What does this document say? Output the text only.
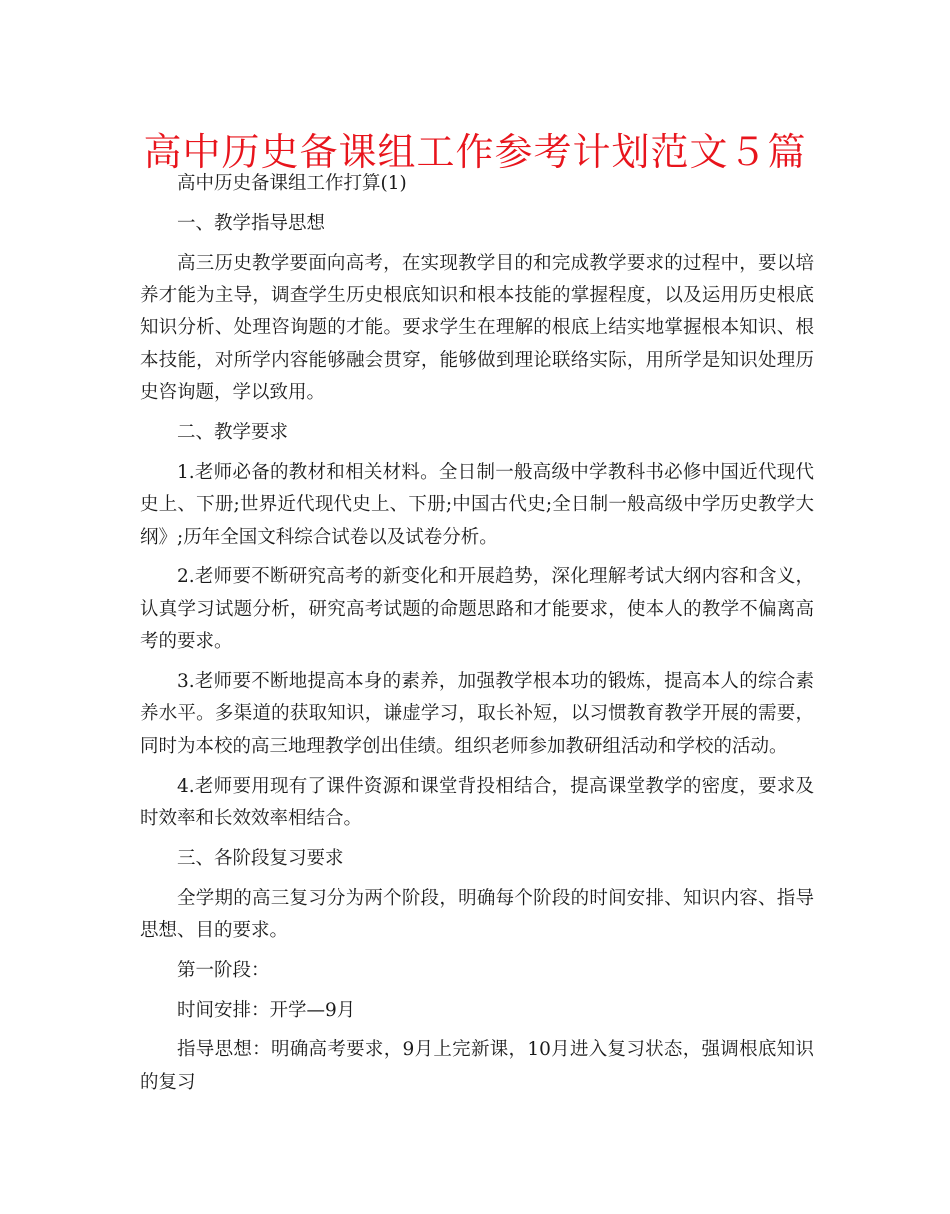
高中历史备课组工作参考计划范文５篇

高中历史备课组工作打算(1)

一、教学指导思想

高三历史教学要面向高考，在实现教学目的和完成教学要求的过程中，要以培养才能为主导，调查学生历史根底知识和根本技能的掌握程度，以及运用历史根底知识分析、处理咨询题的才能。要求学生在理解的根底上结实地掌握根本知识、根本技能，对所学内容能够融会贯穿，能够做到理论联络实际，用所学是知识处理历史咨询题，学以致用。

二、教学要求

1.老师必备的教材和相关材料。全日制一般高级中学教科书必修中国近代现代史上、下册;世界近代现代史上、下册;中国古代史;全日制一般高级中学历史教学大纲》;历年全国文科综合试卷以及试卷分析。

2.老师要不断研究高考的新变化和开展趋势，深化理解考试大纲内容和含义，认真学习试题分析，研究高考试题的命题思路和才能要求，使本人的教学不偏离高考的要求。

3.老师要不断地提高本身的素养，加强教学根本功的锻炼，提高本人的综合素养水平。多渠道的获取知识，谦虚学习，取长补短，以习惯教育教学开展的需要，同时为本校的高三地理教学创出佳绩。组织老师参加教研组活动和学校的活动。

4.老师要用现有了课件资源和课堂背投相结合，提高课堂教学的密度，要求及时效率和长效效率相结合。

三、各阶段复习要求

全学期的高三复习分为两个阶段，明确每个阶段的时间安排、知识内容、指导思想、目的要求。

第一阶段：

时间安排：开学—9月

指导思想：明确高考要求，9月上完新课，10月进入复习状态，强调根底知识的复习
